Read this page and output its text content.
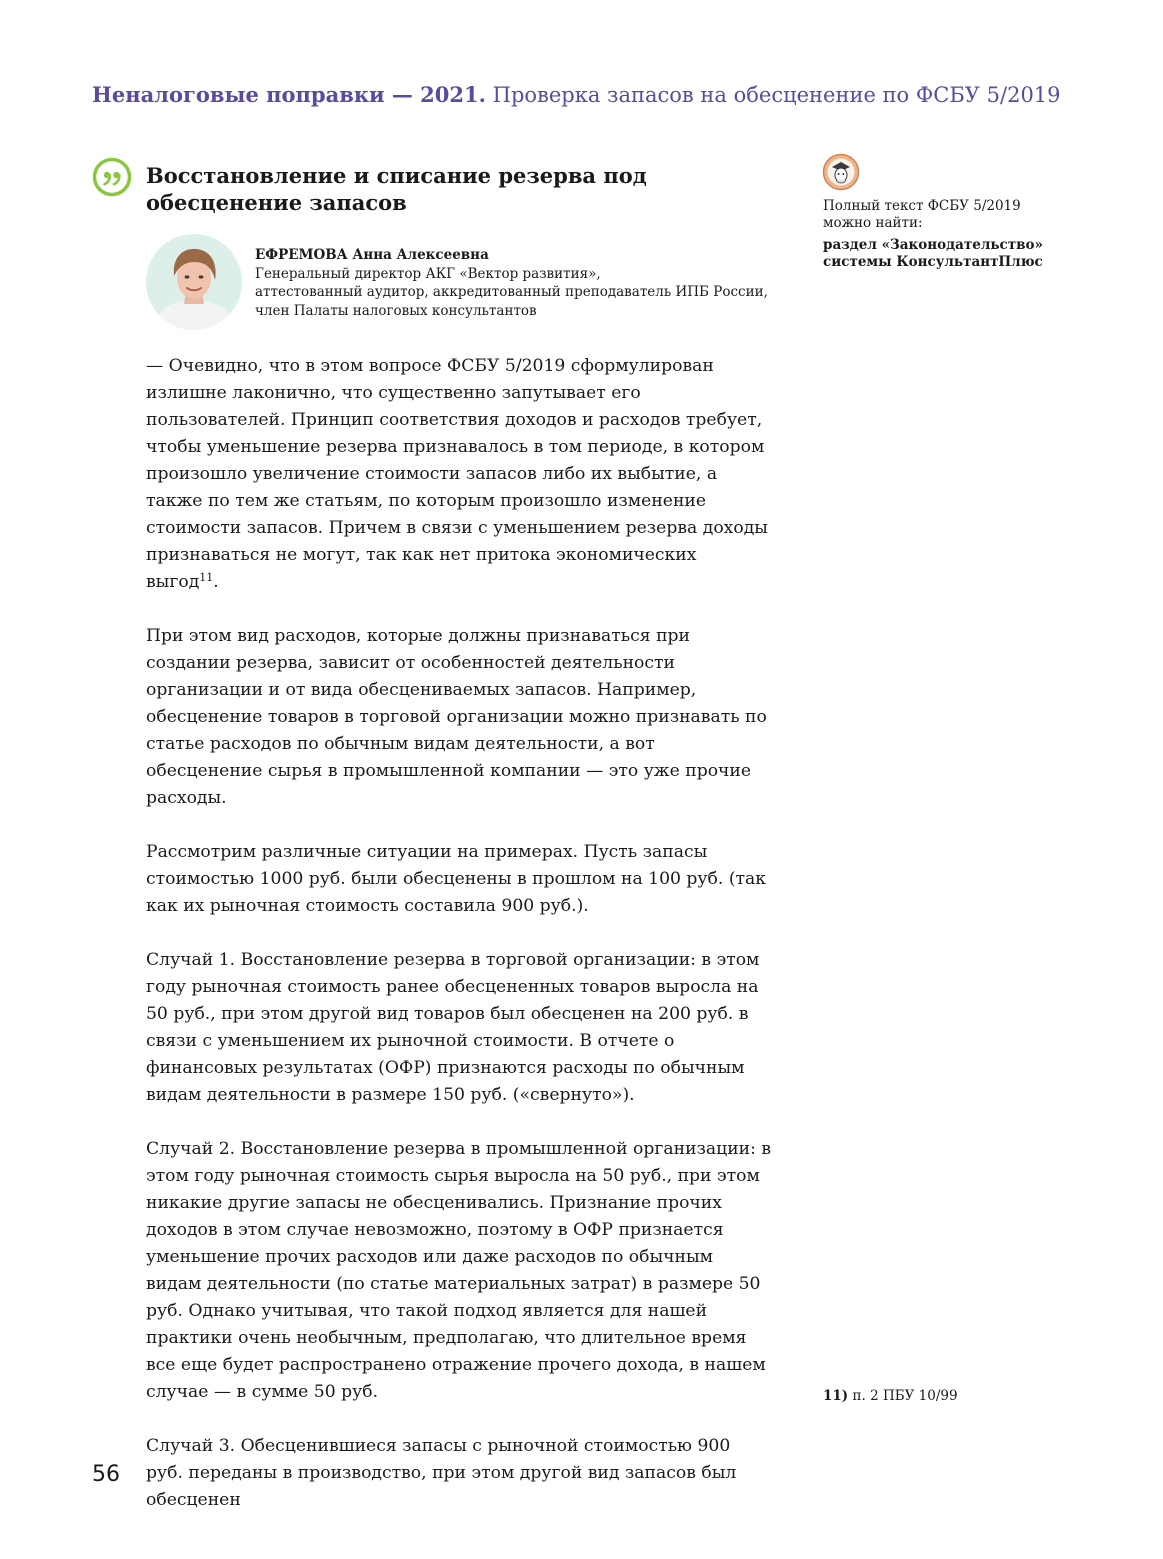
Неналоговые поправки — 2021. Проверка запасов на обесценение по ФСБУ 5/2019
Восстановление и списание резерва под обесценение запасов
ЕФРЕМОВА Анна Алексеевна
Генеральный директор АКГ «Вектор развития»,
аттестованный аудитор, аккредитованный преподаватель ИПБ России,
член Палаты налоговых консультантов

— Очевидно, что в этом вопросе ФСБУ 5/2019 сформулирован излишне лаконично, что существенно запутывает его пользователей. Принцип соответствия доходов и расходов требует, чтобы уменьшение резерва признавалось в том периоде, в котором произошло увеличение стоимости запасов либо их выбытие, а также по тем же статьям, по которым произошло изменение стоимости запасов. Причем в связи с уменьшением резерва доходы признаваться не могут, так как нет притока экономических выгод$^{11}$.

При этом вид расходов, которые должны признаваться при создании резерва, зависит от особенностей деятельности организации и от вида обесцениваемых запасов. Например, обесценение товаров в торговой организации можно признавать по статье расходов по обычным видам деятельности, а вот обесценение сырья в промышленной компании — это уже прочие расходы.

Рассмотрим различные ситуации на примерах. Пусть запасы стоимостью 1000 руб. были обесценены в прошлом на 100 руб. (так как их рыночная стоимость составила 900 руб.).

Случай 1. Восстановление резерва в торговой организации: в этом году рыночная стоимость ранее обесцененных товаров выросла на 50 руб., при этом другой вид товаров был обесценен на 200 руб. в связи с уменьшением их рыночной стоимости. В отчете о финансовых результатах (ОФР) признаются расходы по обычным видам деятельности в размере 150 руб. («свернуто»).

Случай 2. Восстановление резерва в промышленной организации: в этом году рыночная стоимость сырья выросла на 50 руб., при этом никакие другие запасы не обесценивались. Признание прочих доходов в этом случае невозможно, поэтому в ОФР признается уменьшение прочих расходов или даже расходов по обычным видам деятельности (по статье материальных затрат) в размере 50 руб. Однако учитывая, что такой подход является для нашей практики очень необычным, предполагаю, что длительное время все еще будет распространено отражение прочего дохода, в нашем случае — в сумме 50 руб.

Случай 3. Обесценившиеся запасы с рыночной стоимостью 900 руб. переданы в производство, при этом другой вид запасов был обесценен

Полный текст ФСБУ 5/2019
можно найти:
раздел «Законодательство»
системы КонсультантПлюс
11) п. 2 ПБУ 10/99
56
